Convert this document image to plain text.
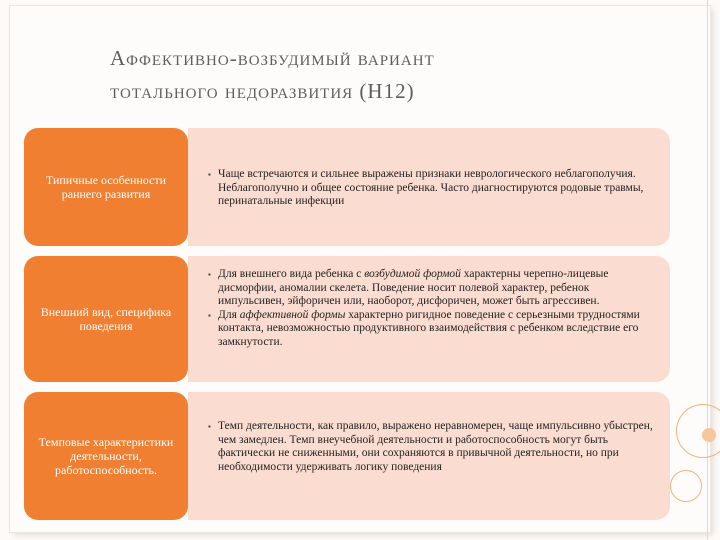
Аффективно-возбудимый вариант
тотального недоразвития (Н12)
Типичные особенности раннего развития

▪ Чаще встречаются и сильнее выражены признаки неврологического неблагополучия. Неблагополучно и общее состояние ребенка. Часто диагностируются родовые травмы, перинатальные инфекции

Внешний вид, специфика поведения

▪ Для внешнего вида ребенка с возбудимой формой характерны черепно-лицевые дисморфии, аномалии скелета. Поведение носит полевой характер, ребенок импульсивен, эйфоричен или, наоборот, дисфоричен, может быть агрессивен.

▪ Для аффективной формы характерно ригидное поведение с серьезными трудностями контакта, невозможностью продуктивного взаимодействия с ребенком вследствие его замкнутости.

Темповые характеристики деятельности, работоспособность.

▪ Темп деятельности, как правило, выражено неравномерен, чаще импульсивно убыстрен, чем замедлен. Темп внеучебной деятельности и работоспособность могут быть фактически не сниженными, они сохраняются в привычной деятельности, но при необходимости удерживать логику поведения
